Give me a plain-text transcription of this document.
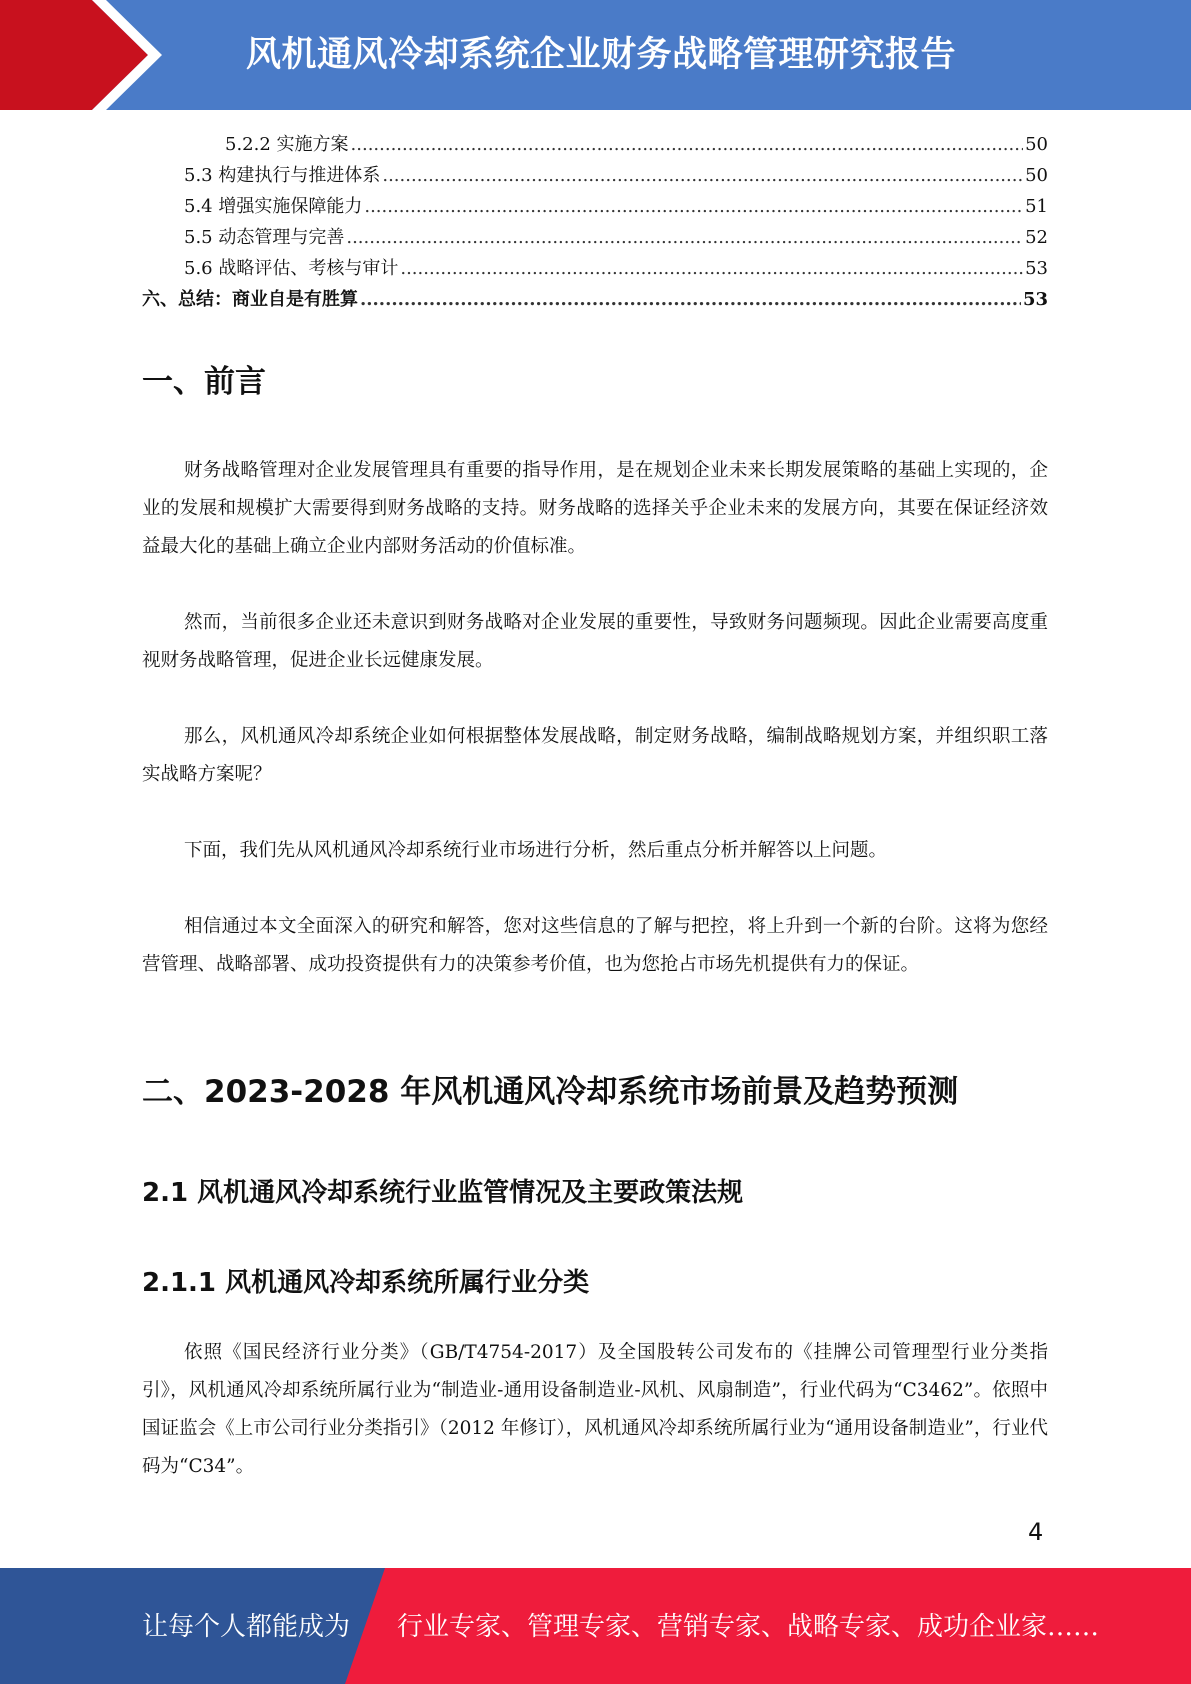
风机通风冷却系统企业财务战略管理研究报告
5.2.2 实施方案 .....	50
5.3 构建执行与推进体系 .....	50
5.4 增强实施保障能力 .....	51
5.5 动态管理与完善 .....	52
5.6 战略评估、考核与审计 .....	53
六、总结：商业自是有胜算 .....	53
一、前言
财务战略管理对企业发展管理具有重要的指导作用，是在规划企业未来长期发展策略的基础上实现的，企业的发展和规模扩大需要得到财务战略的支持。财务战略的选择关乎企业未来的发展方向，其要在保证经济效益最大化的基础上确立企业内部财务活动的价值标准。
然而，当前很多企业还未意识到财务战略对企业发展的重要性，导致财务问题频现。因此企业需要高度重视财务战略管理，促进企业长远健康发展。
那么，风机通风冷却系统企业如何根据整体发展战略，制定财务战略，编制战略规划方案，并组织职工落实战略方案呢？
下面，我们先从风机通风冷却系统行业市场进行分析，然后重点分析并解答以上问题。
相信通过本文全面深入的研究和解答，您对这些信息的了解与把控，将上升到一个新的台阶。这将为您经营管理、战略部署、成功投资提供有力的决策参考价值，也为您抢占市场先机提供有力的保证。
二、2023-2028 年风机通风冷却系统市场前景及趋势预测
2.1 风机通风冷却系统行业监管情况及主要政策法规
2.1.1 风机通风冷却系统所属行业分类
依照《国民经济行业分类》（GB/T4754-2017）及全国股转公司发布的《挂牌公司管理型行业分类指引》，风机通风冷却系统所属行业为“制造业-通用设备制造业-风机、风扇制造”，行业代码为“C3462”。依照中国证监会《上市公司行业分类指引》（2012 年修订），风机通风冷却系统所属行业为“通用设备制造业”，行业代码为“C34”。
4
让每个人都能成为 行业专家、管理专家、营销专家、战略专家、成功企业家……
